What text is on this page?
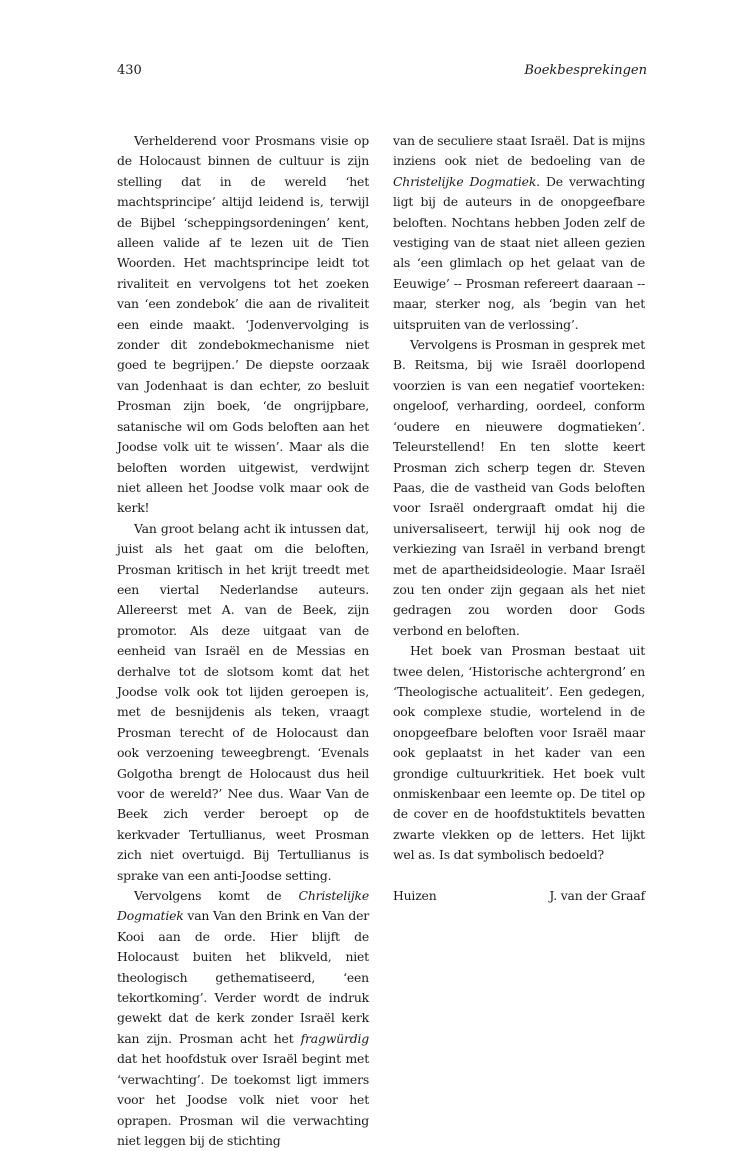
430	Boekbesprekingen

Verhelderend voor Prosmans visie op de Holocaust binnen de cultuur is zijn stelling dat in de wereld ‘het machtsprincipe’ altijd leidend is, terwijl de Bijbel ‘scheppingsordeningen’ kent, alleen valide af te lezen uit de Tien Woorden. Het machtsprincipe leidt tot rivaliteit en vervolgens tot het zoeken van ‘een zondebok’ die aan de rivaliteit een einde maakt. ‘Jodenvervolging is zonder dit zondebokmechanisme niet goed te begrijpen.’ De diepste oorzaak van Jodenhaat is dan echter, zo besluit Prosman zijn boek, ‘de ongrijpbare, satanische wil om Gods beloften aan het Joodse volk uit te wissen’. Maar als die beloften worden uitgewist, verdwijnt niet alleen het Joodse volk maar ook de kerk!

Van groot belang acht ik intussen dat, juist als het gaat om die beloften, Prosman kritisch in het krijt treedt met een viertal Nederlandse auteurs. Allereerst met A. van de Beek, zijn promotor. Als deze uitgaat van de eenheid van Israël en de Messias en derhalve tot de slotsom komt dat het Joodse volk ook tot lijden geroepen is, met de besnijdenis als teken, vraagt Prosman terecht of de Holocaust dan ook verzoening teweegbrengt. ‘Evenals Golgotha brengt de Holocaust dus heil voor de wereld?’ Nee dus. Waar Van de Beek zich verder beroept op de kerkvader Tertullianus, weet Prosman zich niet overtuigd. Bij Tertullianus is sprake van een anti-Joodse setting.

Vervolgens komt de Christelijke Dogmatiek van Van den Brink en Van der Kooi aan de orde. Hier blijft de Holocaust buiten het blikveld, niet theologisch gethematiseerd, ‘een tekortkoming’. Verder wordt de indruk gewekt dat de kerk zonder Israël kerk kan zijn. Prosman acht het fragwürdig dat het hoofdstuk over Israël begint met ‘verwachting’. De toekomst ligt immers voor het Joodse volk niet voor het oprapen. Prosman wil die verwachting niet leggen bij de stichting

van de seculiere staat Israël. Dat is mijns inziens ook niet de bedoeling van de Christelijke Dogmatiek. De verwachting ligt bij de auteurs in de onopgeefbare beloften. Nochtans hebben Joden zelf de vestiging van de staat niet alleen gezien als ‘een glimlach op het gelaat van de Eeuwige’ -- Prosman refereert daaraan -- maar, sterker nog, als ‘begin van het uitspruiten van de verlossing’.

Vervolgens is Prosman in gesprek met B. Reitsma, bij wie Israël doorlopend voorzien is van een negatief voorteken: ongeloof, verharding, oordeel, conform ‘oudere en nieuwere dogmatieken’. Teleurstellend! En ten slotte keert Prosman zich scherp tegen dr. Steven Paas, die de vastheid van Gods beloften voor Israël ondergraaft omdat hij die universaliseert, terwijl hij ook nog de verkiezing van Israël in verband brengt met de apartheidsideologie. Maar Israël zou ten onder zijn gegaan als het niet gedragen zou worden door Gods verbond en beloften.

Het boek van Prosman bestaat uit twee delen, ‘Historische achtergrond’ en ‘Theologische actualiteit’. Een gedegen, ook complexe studie, wortelend in de onopgeefbare beloften voor Israël maar ook geplaatst in het kader van een grondige cultuurkritiek. Het boek vult onmiskenbaar een leemte op. De titel op de cover en de hoofdstuktitels bevatten zwarte vlekken op de letters. Het lijkt wel as. Is dat symbolisch bedoeld?

Huizen	J. van der Graaf
